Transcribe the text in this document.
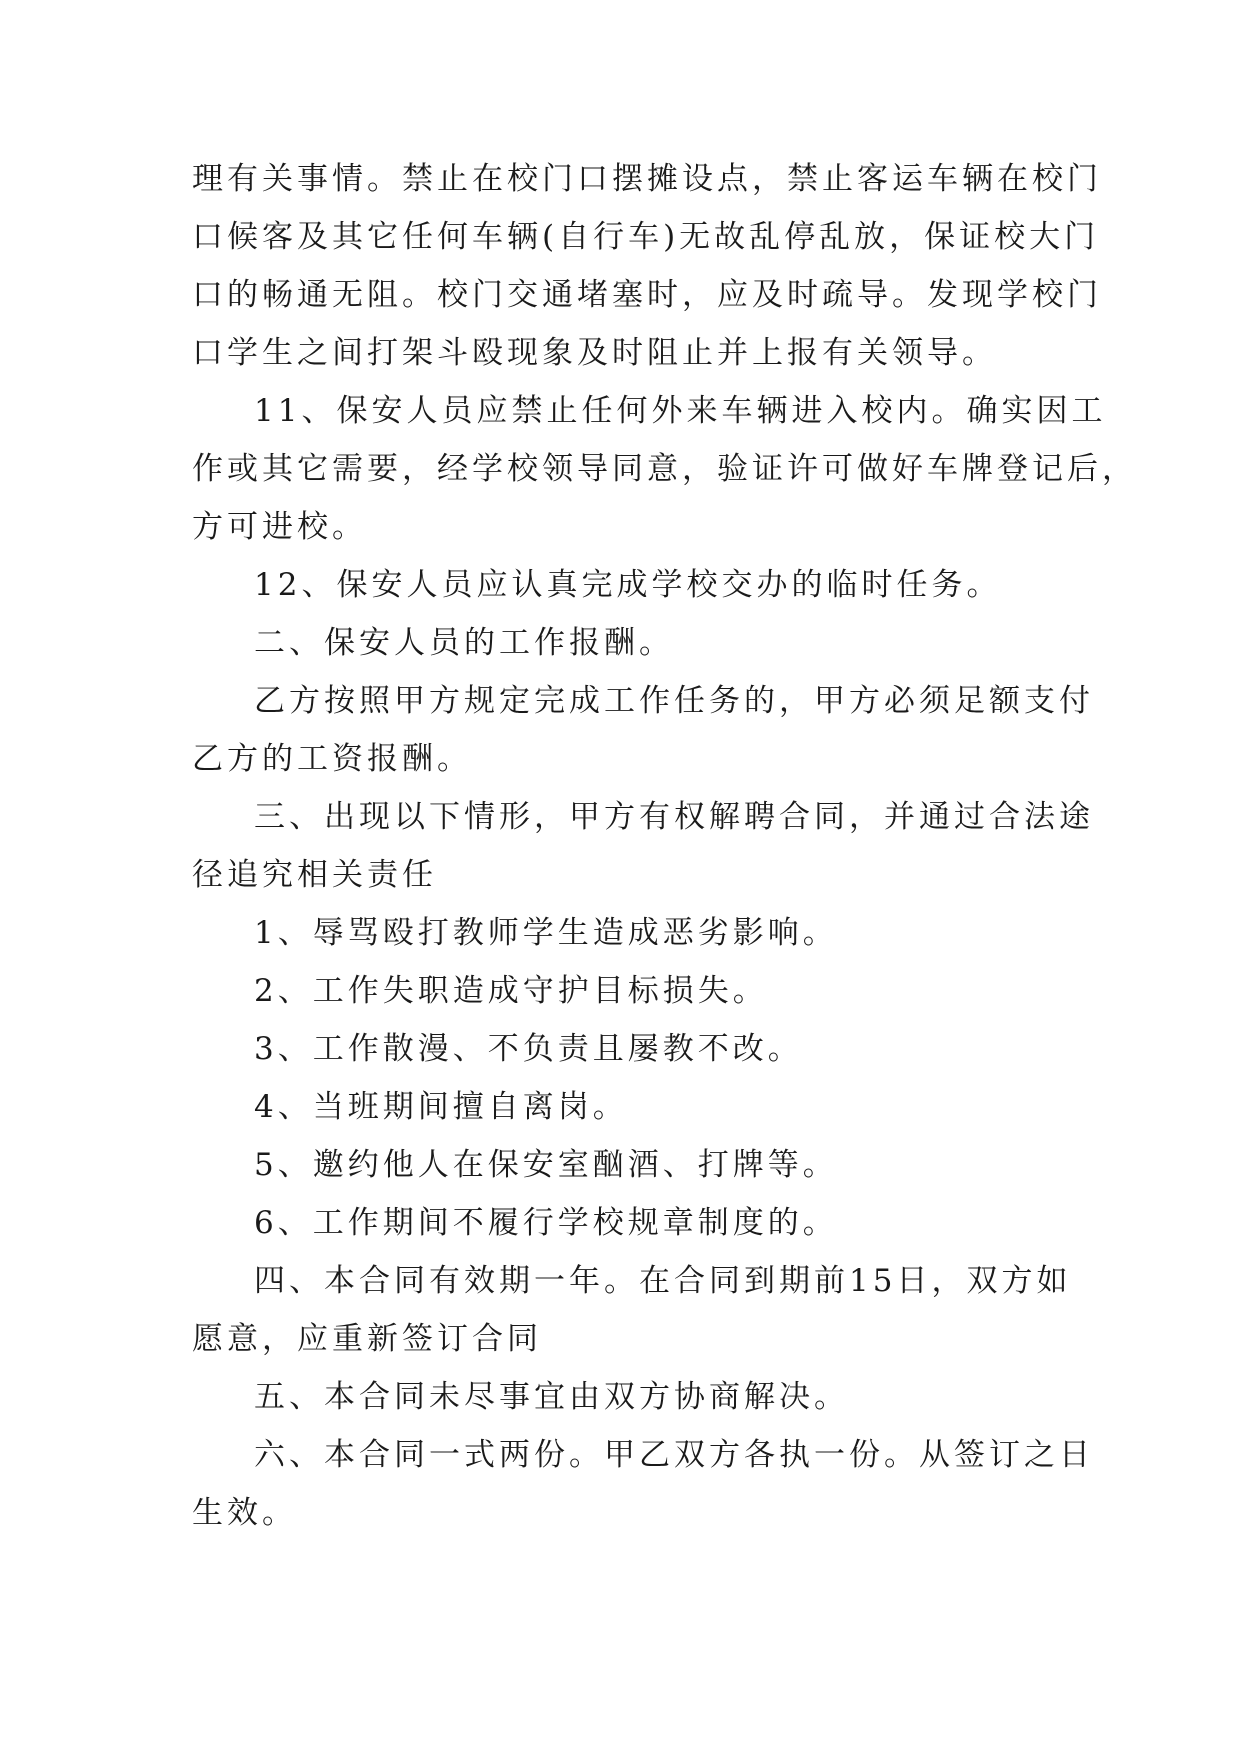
理有关事情。禁止在校门口摆摊设点，禁止客运车辆在校门
口候客及其它任何车辆(自行车)无故乱停乱放，保证校大门
口的畅通无阻。校门交通堵塞时，应及时疏导。发现学校门
口学生之间打架斗殴现象及时阻止并上报有关领导。
11、保安人员应禁止任何外来车辆进入校内。确实因工
作或其它需要，经学校领导同意，验证许可做好车牌登记后，
方可进校。
12、保安人员应认真完成学校交办的临时任务。
二、保安人员的工作报酬。
乙方按照甲方规定完成工作任务的，甲方必须足额支付
乙方的工资报酬。
三、出现以下情形，甲方有权解聘合同，并通过合法途
径追究相关责任
1、辱骂殴打教师学生造成恶劣影响。
2、工作失职造成守护目标损失。
3、工作散漫、不负责且屡教不改。
4、当班期间擅自离岗。
5、邀约他人在保安室酗酒、打牌等。
6、工作期间不履行学校规章制度的。
四、本合同有效期一年。在合同到期前15日，双方如
愿意，应重新签订合同
五、本合同未尽事宜由双方协商解决。
六、本合同一式两份。甲乙双方各执一份。从签订之日
生效。
